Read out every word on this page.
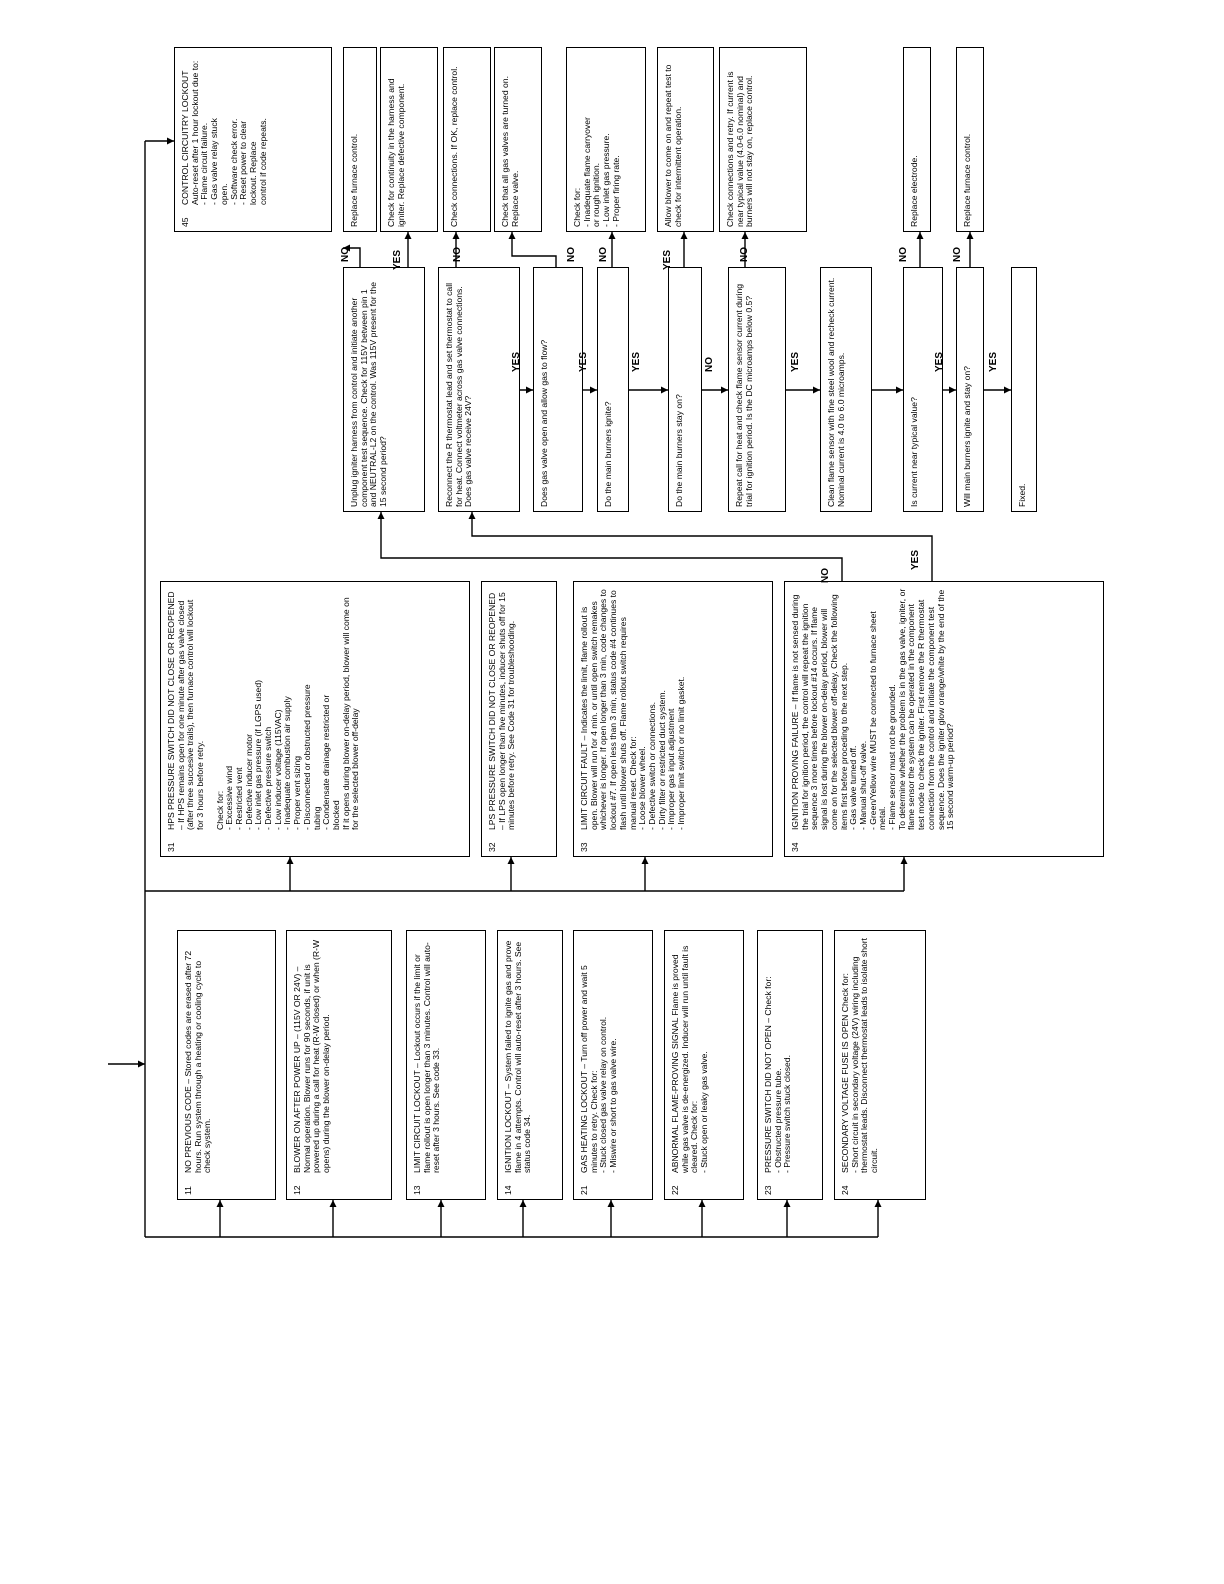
11
NO PREVIOUS CODE – Stored codes are erased after 72 hours. Run system through a heating or cooling cycle to check system.
12
BLOWER ON AFTER POWER UP – (115V OR 24V) – Normal operation. Blower runs for 90 seconds, if unit is powered up during a call for heat (R-W closed) or when (R-W opens) during the blower on-delay period.
13
LIMIT CIRCUIT LOCKOUT – Lockout occurs if the limit or flame rollout is open longer than 3 minutes. Control will auto-reset after 3 hours. See code 33.
14
IGNITION LOCKOUT – System failed to ignite gas and prove flame in 4 attempts. Control will auto-reset after 3 hours. See status code 34.
21
GAS HEATING LOCKOUT – Turn off power and wait 5 minutes to retry. Check for:
- Stuck closed gas valve relay on control.
- Miswire or short to gas valve wire.
22
ABNORMAL FLAME-PROVING SIGNAL Flame is proved while gas valve is de-energized. Inducer will run until fault is cleared. Check for:
- Stuck open or leaky gas valve.
23
PRESSURE SWITCH DID NOT OPEN – Check for:
- Obstructed pressure tube.
- Pressure switch stuck closed.
24
SECONDARY VOLTAGE FUSE IS OPEN Check for:
- Short circuit in secondary voltage (24V) wiring including thermostat leads. Disconnect thermostat leads to isolate short circuit.
31
HPS PRESSURE SWITCH DID NOT CLOSE OR REOPENED – If HPS remains open for one minute after gas valve closed (after three succesive trails), then furnace control will lockout for 3 hours before retry.

Check for:
- Excessive wind
- Restricted vent
- Defective inducer motor
- Low inlet gas pressure (if LGPS used)
- Defective pressure switch
- Low inducer voltage (115VAC)
- Inadequate combustion air supply
- Proper vent sizing
- Disconnected or obstructed pressure
tubing
- Condensate drainage restricted or
blocked
If it opens during blower on-delay period, blower will come on for the selected blower off-delay
32
LPS PRESSURE SWITCH DID NOT CLOSE OR REOPENED – If LPS open longer than five minutes, inducer shuts off for 15 minutes before retry. See Code 31 for troubleshooding.
33
LIMIT CIRCUIT FAULT – Indicates the limit, flame rollout is open. Blower will run for 4 min. or until open switch remakes whichever is longer. If open longer than 3 min, code changes to lockout #7. If open less than 3 min, status code #4 continues to flash until blower shuts off. Flame rollout switch requires manual reset. Check for:
- Loose blower wheel.
- Defective switch or connections.
- Dirty filter or restricted duct system.
- Improper gas input adjustment
- Improper limit switch or no limit gasket.
34
IGNITION PROVING FAILURE – If flame is not sensed during the trial for ignition period, the control will repeat the ignition sequence 3 more times before lockout #14 occurs. If flame signal is lost during the blower on-delay period, blower will come on for the selected blower off-delay. Check the following items first before proceding to the next step.
- Gas valve turned off.
- Manual shut-off valve.
- Green/Yellow wire MUST be connected to furnace sheet metal.
- Flame sensor must not be grounded.
To determine whether the problem is in the gas valve, igniter, or flame sensor the system can be operated in the component test mode to check the igniter. First remove the R thermostat connection from the control and initiate the component test sequence. Does the igniter glow orange/white by the end of the 15 second warm-up period?
45
CONTROL CIRCUITRY LOCKOUT Auto-reset after 1 hour lockout due to:
- Flame circuit failure.
- Gas valve relay stuck
open.
- Software check error.
- Reset power to clear
lockout. Replace
control if code repeats.
Unplug igniter harness from control and initiate another component test sequence. Check for 115V between pin 1 and NEUTRAL-L2 on the control. Was 115V present for the 15 second period?	Reconnect the R thermostat lead and set thermostat to call for heat. Connect voltmeter across gas valve connections. Does gas valve receive 24V?	Does gas valve open and allow gas to flow?	Do the main burners ignite?	Do the main burners stay on?	Repeat call for heat and check flame sensor current during trial for ignition period. Is the DC microamps below 0.5?	Clean flame sensor with fine steel wool and recheck current. Nominal current is 4.0 to 6.0 microamps.	Is current near typical value?	Will main burners ignite and stay on?	Fixed.
Replace furnace control.	Check for continuity in the harness and igniter. Replace defective component.	Check connections. If OK, replace control.	Check that all gas valves are turned on. Replace valve.	Check for:
- Inadequate flame carryover
or rough ignition.
- Low inlet gas pressure.
- Proper firing rate.	Allow blower to come on and repeat test to check for intermittent operation.	Check connections and retry. If current is near typical value (4.0-6.0 nominal) and burners will not stay on, replace control.	Replace electrode.	Replace furnace control.
NO	YES	NO	NO NO	YES	NO	NO	NO
YES	YES	YES	NO	YES	YES	YES
NO
YES
